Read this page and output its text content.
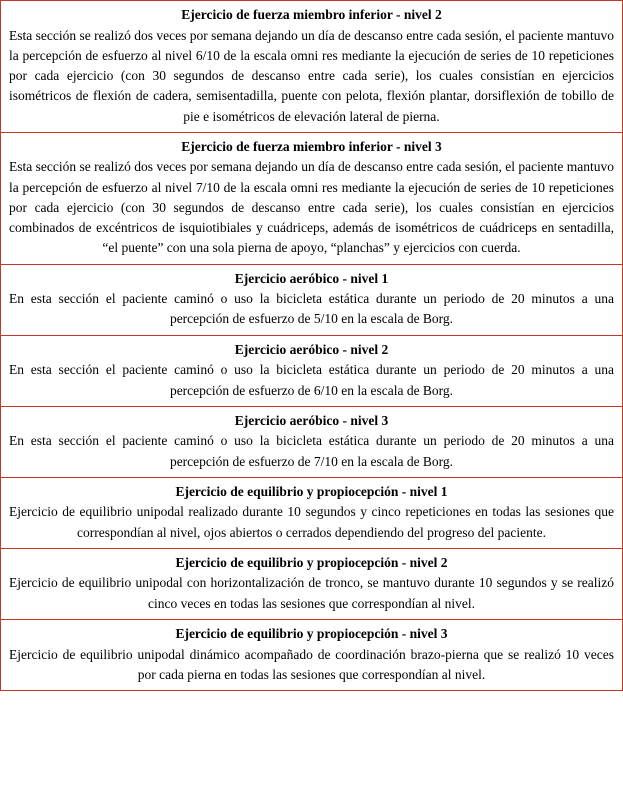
Ejercicio de fuerza miembro inferior - nivel 2
Esta sección se realizó dos veces por semana dejando un día de descanso entre cada sesión, el paciente mantuvo la percepción de esfuerzo al nivel 6/10 de la escala omni res mediante la ejecución de series de 10 repeticiones por cada ejercicio (con 30 segundos de descanso entre cada serie), los cuales consistían en ejercicios isométricos de flexión de cadera, semisentadilla, puente con pelota, flexión plantar, dorsiflexión de tobillo de pie e isométricos de elevación lateral de pierna.

Ejercicio de fuerza miembro inferior - nivel 3
Esta sección se realizó dos veces por semana dejando un día de descanso entre cada sesión, el paciente mantuvo la percepción de esfuerzo al nivel 7/10 de la escala omni res mediante la ejecución de series de 10 repeticiones por cada ejercicio (con 30 segundos de descanso entre cada serie), los cuales consistían en ejercicios combinados de excéntricos de isquiotibiales y cuádriceps, además de isométricos de cuádriceps en sentadilla, “el puente” con una sola pierna de apoyo, “planchas” y ejercicios con cuerda.

Ejercicio aeróbico - nivel 1
En esta sección el paciente caminó o uso la bicicleta estática durante un periodo de 20 minutos a una percepción de esfuerzo de 5/10 en la escala de Borg.

Ejercicio aeróbico - nivel 2
En esta sección el paciente caminó o uso la bicicleta estática durante un periodo de 20 minutos a una percepción de esfuerzo de 6/10 en la escala de Borg.

Ejercicio aeróbico - nivel 3
En esta sección el paciente caminó o uso la bicicleta estática durante un periodo de 20 minutos a una percepción de esfuerzo de 7/10 en la escala de Borg.

Ejercicio de equilibrio y propiocepción - nivel 1
Ejercicio de equilibrio unipodal realizado durante 10 segundos y cinco repeticiones en todas las sesiones que correspondían al nivel, ojos abiertos o cerrados dependiendo del progreso del paciente.

Ejercicio de equilibrio y propiocepción - nivel 2
Ejercicio de equilibrio unipodal con horizontalización de tronco, se mantuvo durante 10 segundos y se realizó cinco veces en todas las sesiones que correspondían al nivel.

Ejercicio de equilibrio y propiocepción - nivel 3
Ejercicio de equilibrio unipodal dinámico acompañado de coordinación brazo-pierna que se realizó 10 veces por cada pierna en todas las sesiones que correspondían al nivel.
